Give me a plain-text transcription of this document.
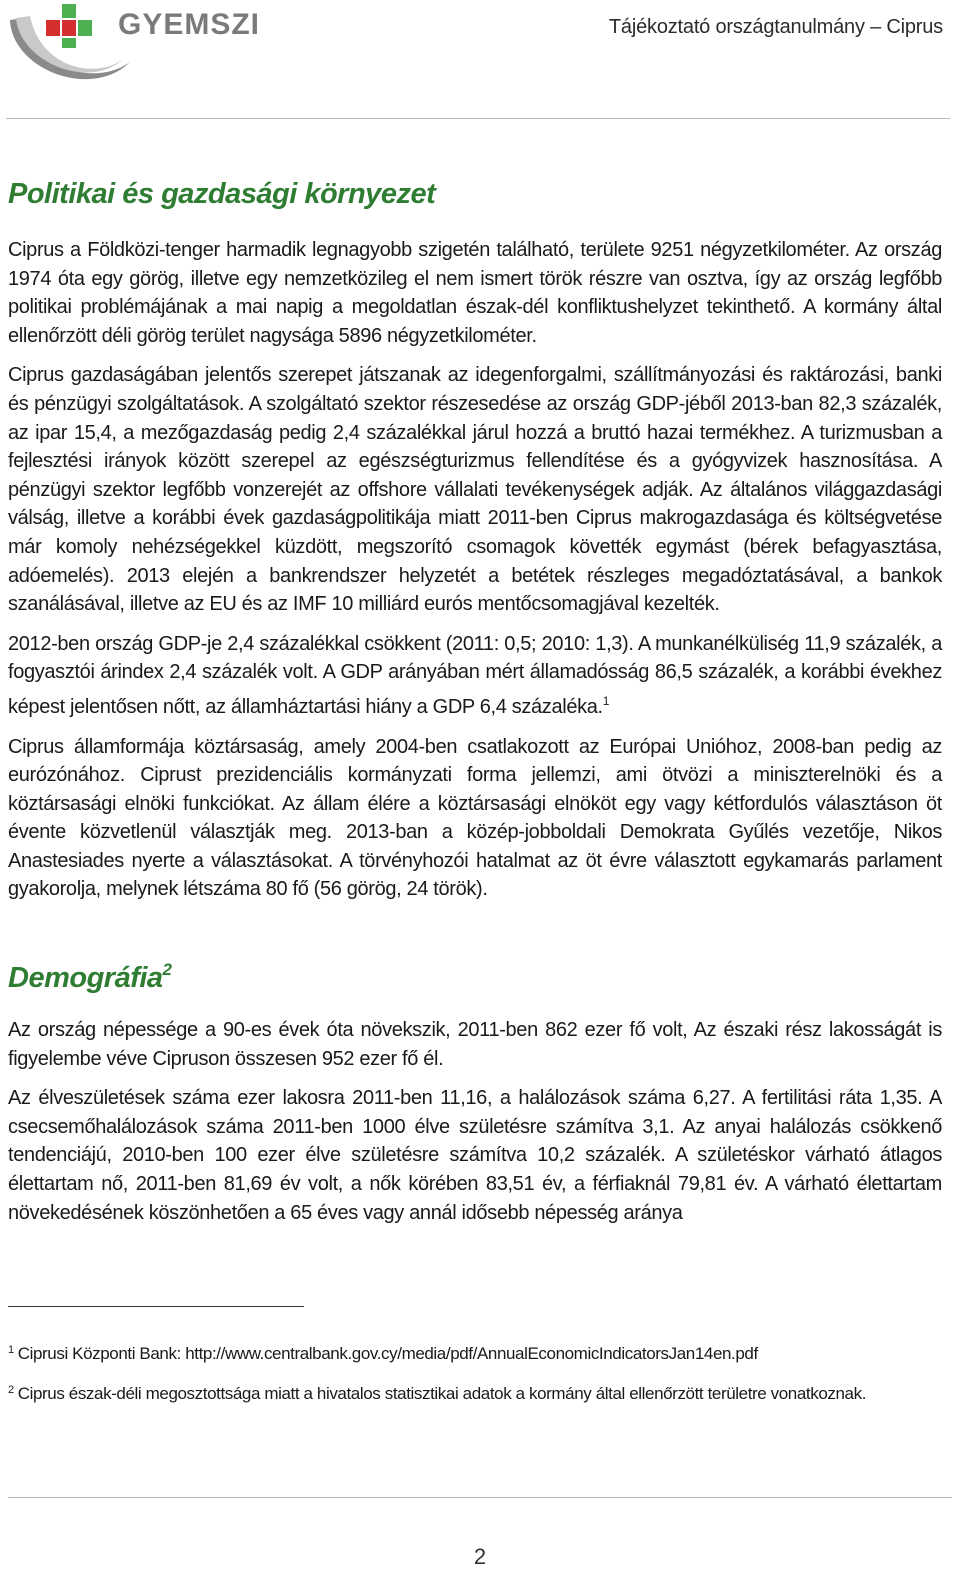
GYEMSZI	Tájékoztató országtanulmány – Ciprus
Politikai és gazdasági környezet

Ciprus a Földközi-tenger harmadik legnagyobb szigetén található, területe 9251 négyzetkilométer. Az ország 1974 óta egy görög, illetve egy nemzetközileg el nem ismert török részre van osztva, így az ország legfőbb politikai problémájának a mai napig a megoldatlan észak-dél konfliktushelyzet tekinthető. A kormány által ellenőrzött déli görög terület nagysága 5896 négyzetkilométer.

Ciprus gazdaságában jelentős szerepet játszanak az idegenforgalmi, szállítmányozási és raktározási, banki és pénzügyi szolgáltatások. A szolgáltató szektor részesedése az ország GDP-jéből 2013-ban 82,3 százalék, az ipar 15,4, a mezőgazdaság pedig 2,4 százalékkal járul hozzá a bruttó hazai termékhez. A turizmusban a fejlesztési irányok között szerepel az egészségturizmus fellendítése és a gyógyvizek hasznosítása. A pénzügyi szektor legfőbb vonzerejét az offshore vállalati tevékenységek adják. Az általános világgazdasági válság, illetve a korábbi évek gazdaságpolitikája miatt 2011-ben Ciprus makrogazdasága és költségvetése már komoly nehézségekkel küzdött, megszorító csomagok követték egymást (bérek befagyasztása, adóemelés). 2013 elején a bankrendszer helyzetét a betétek részleges megadóztatásával, a bankok szanálásával, illetve az EU és az IMF 10 milliárd eurós mentőcsomagjával kezelték.

2012-ben ország GDP-je 2,4 százalékkal csökkent (2011: 0,5; 2010: 1,3). A munkanélküliség 11,9 százalék, a fogyasztói árindex 2,4 százalék volt. A GDP arányában mért államadósság 86,5 százalék, a korábbi évekhez képest jelentősen nőtt, az államháztartási hiány a GDP 6,4 százaléka.$^1$

Ciprus államformája köztársaság, amely 2004-ben csatlakozott az Európai Unióhoz, 2008-ban pedig az eurózónához. Ciprust prezidenciális kormányzati forma jellemzi, ami ötvözi a miniszterelnöki és a köztársasági elnöki funkciókat. Az állam élére a köztársasági elnököt egy vagy kétfordulós választáson öt évente közvetlenül választják meg. 2013-ban a közép-jobboldali Demokrata Gyűlés vezetője, Nikos Anastesiades nyerte a választásokat. A törvényhozói hatalmat az öt évre választott egykamarás parlament gyakorolja, melynek létszáma 80 fő (56 görög, 24 török).

Demográfia$^2$

Az ország népessége a 90-es évek óta növekszik, 2011-ben 862 ezer fő volt, Az északi rész lakosságát is figyelembe véve Cipruson összesen 952 ezer fő él.

Az élveszületések száma ezer lakosra 2011-ben 11,16, a halálozások száma 6,27. A fertilitási ráta 1,35. A csecsemőhalálozások száma 2011-ben 1000 élve születésre számítva 3,1. Az anyai halálozás csökkenő tendenciájú, 2010-ben 100 ezer élve születésre számítva 10,2 százalék. A születéskor várható átlagos élettartam nő, 2011-ben 81,69 év volt, a nők körében 83,51 év, a férfiaknál 79,81 év. A várható élettartam növekedésének köszönhetően a 65 éves vagy annál idősebb népesség aránya

$^1$ Ciprusi Központi Bank: http://www.centralbank.gov.cy/media/pdf/AnnualEconomicIndicatorsJan14en.pdf
$^2$ Ciprus észak-déli megosztottsága miatt a hivatalos statisztikai adatok a kormány által ellenőrzött területre vonatkoznak.
2
